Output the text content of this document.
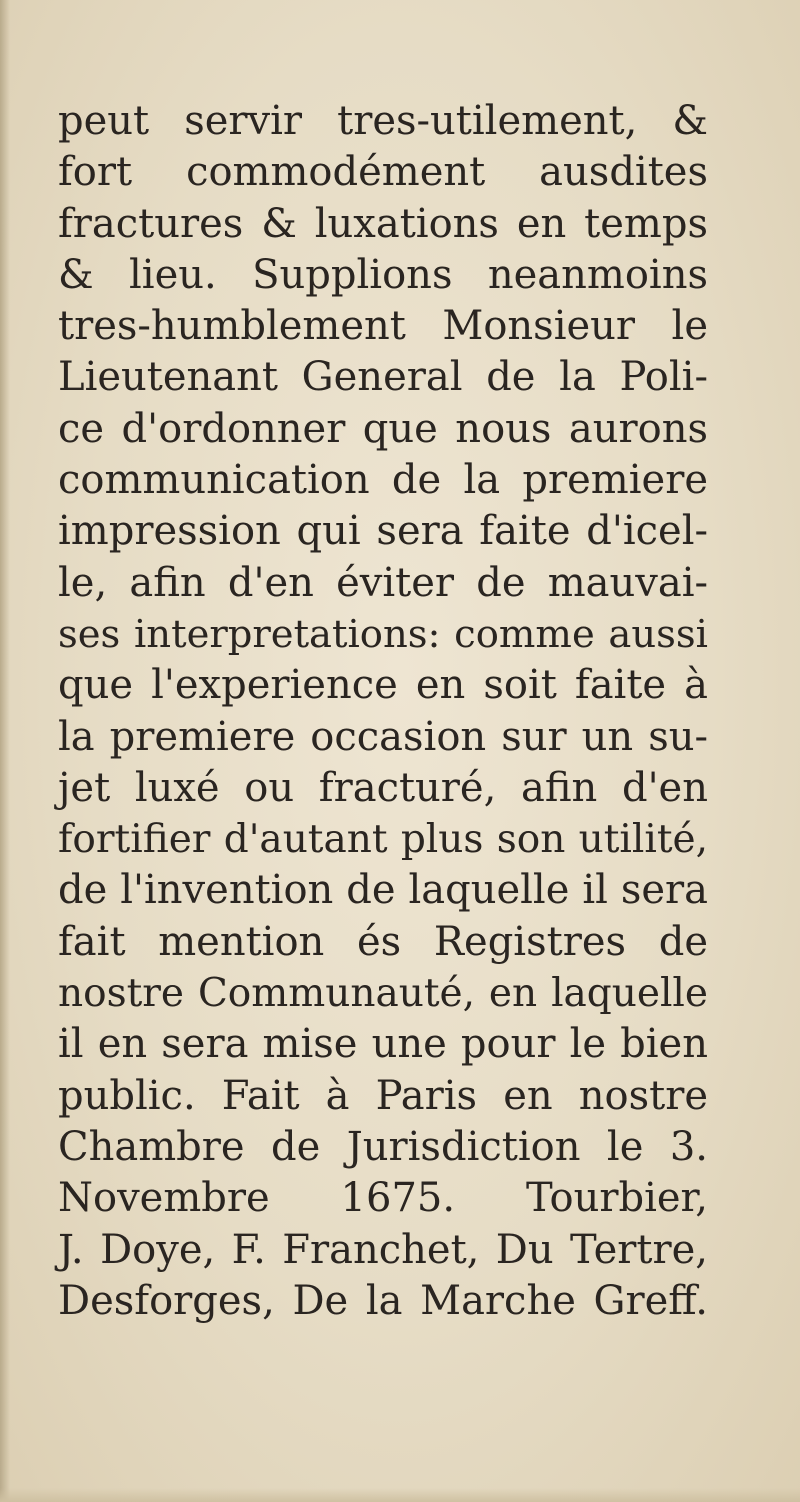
peut servir tres-utilement, &
fort commodément ausdites
fractures & luxations en temps
& lieu. Supplions neanmoins
tres-humblement Monsieur le
Lieutenant General de la Poli-
ce d'ordonner que nous aurons
communication de la premiere
impression qui sera faite d'icel-
le, afin d'en éviter de mauvai-
ses interpretations: comme aussi
que l'experience en soit faite à
la premiere occasion sur un su-
jet luxé ou fracturé, afin d'en
fortifier d'autant plus son utilité,
de l'invention de laquelle il sera
fait mention és Registres de
nostre Communauté, en laquelle
il en sera mise une pour le bien
public. Fait à Paris en nostre
Chambre de Jurisdiction le 3.
Novembre 1675. Tourbier,
J. Doye, F. Franchet, Du Tertre,
Desforges, De la Marche Greff.
